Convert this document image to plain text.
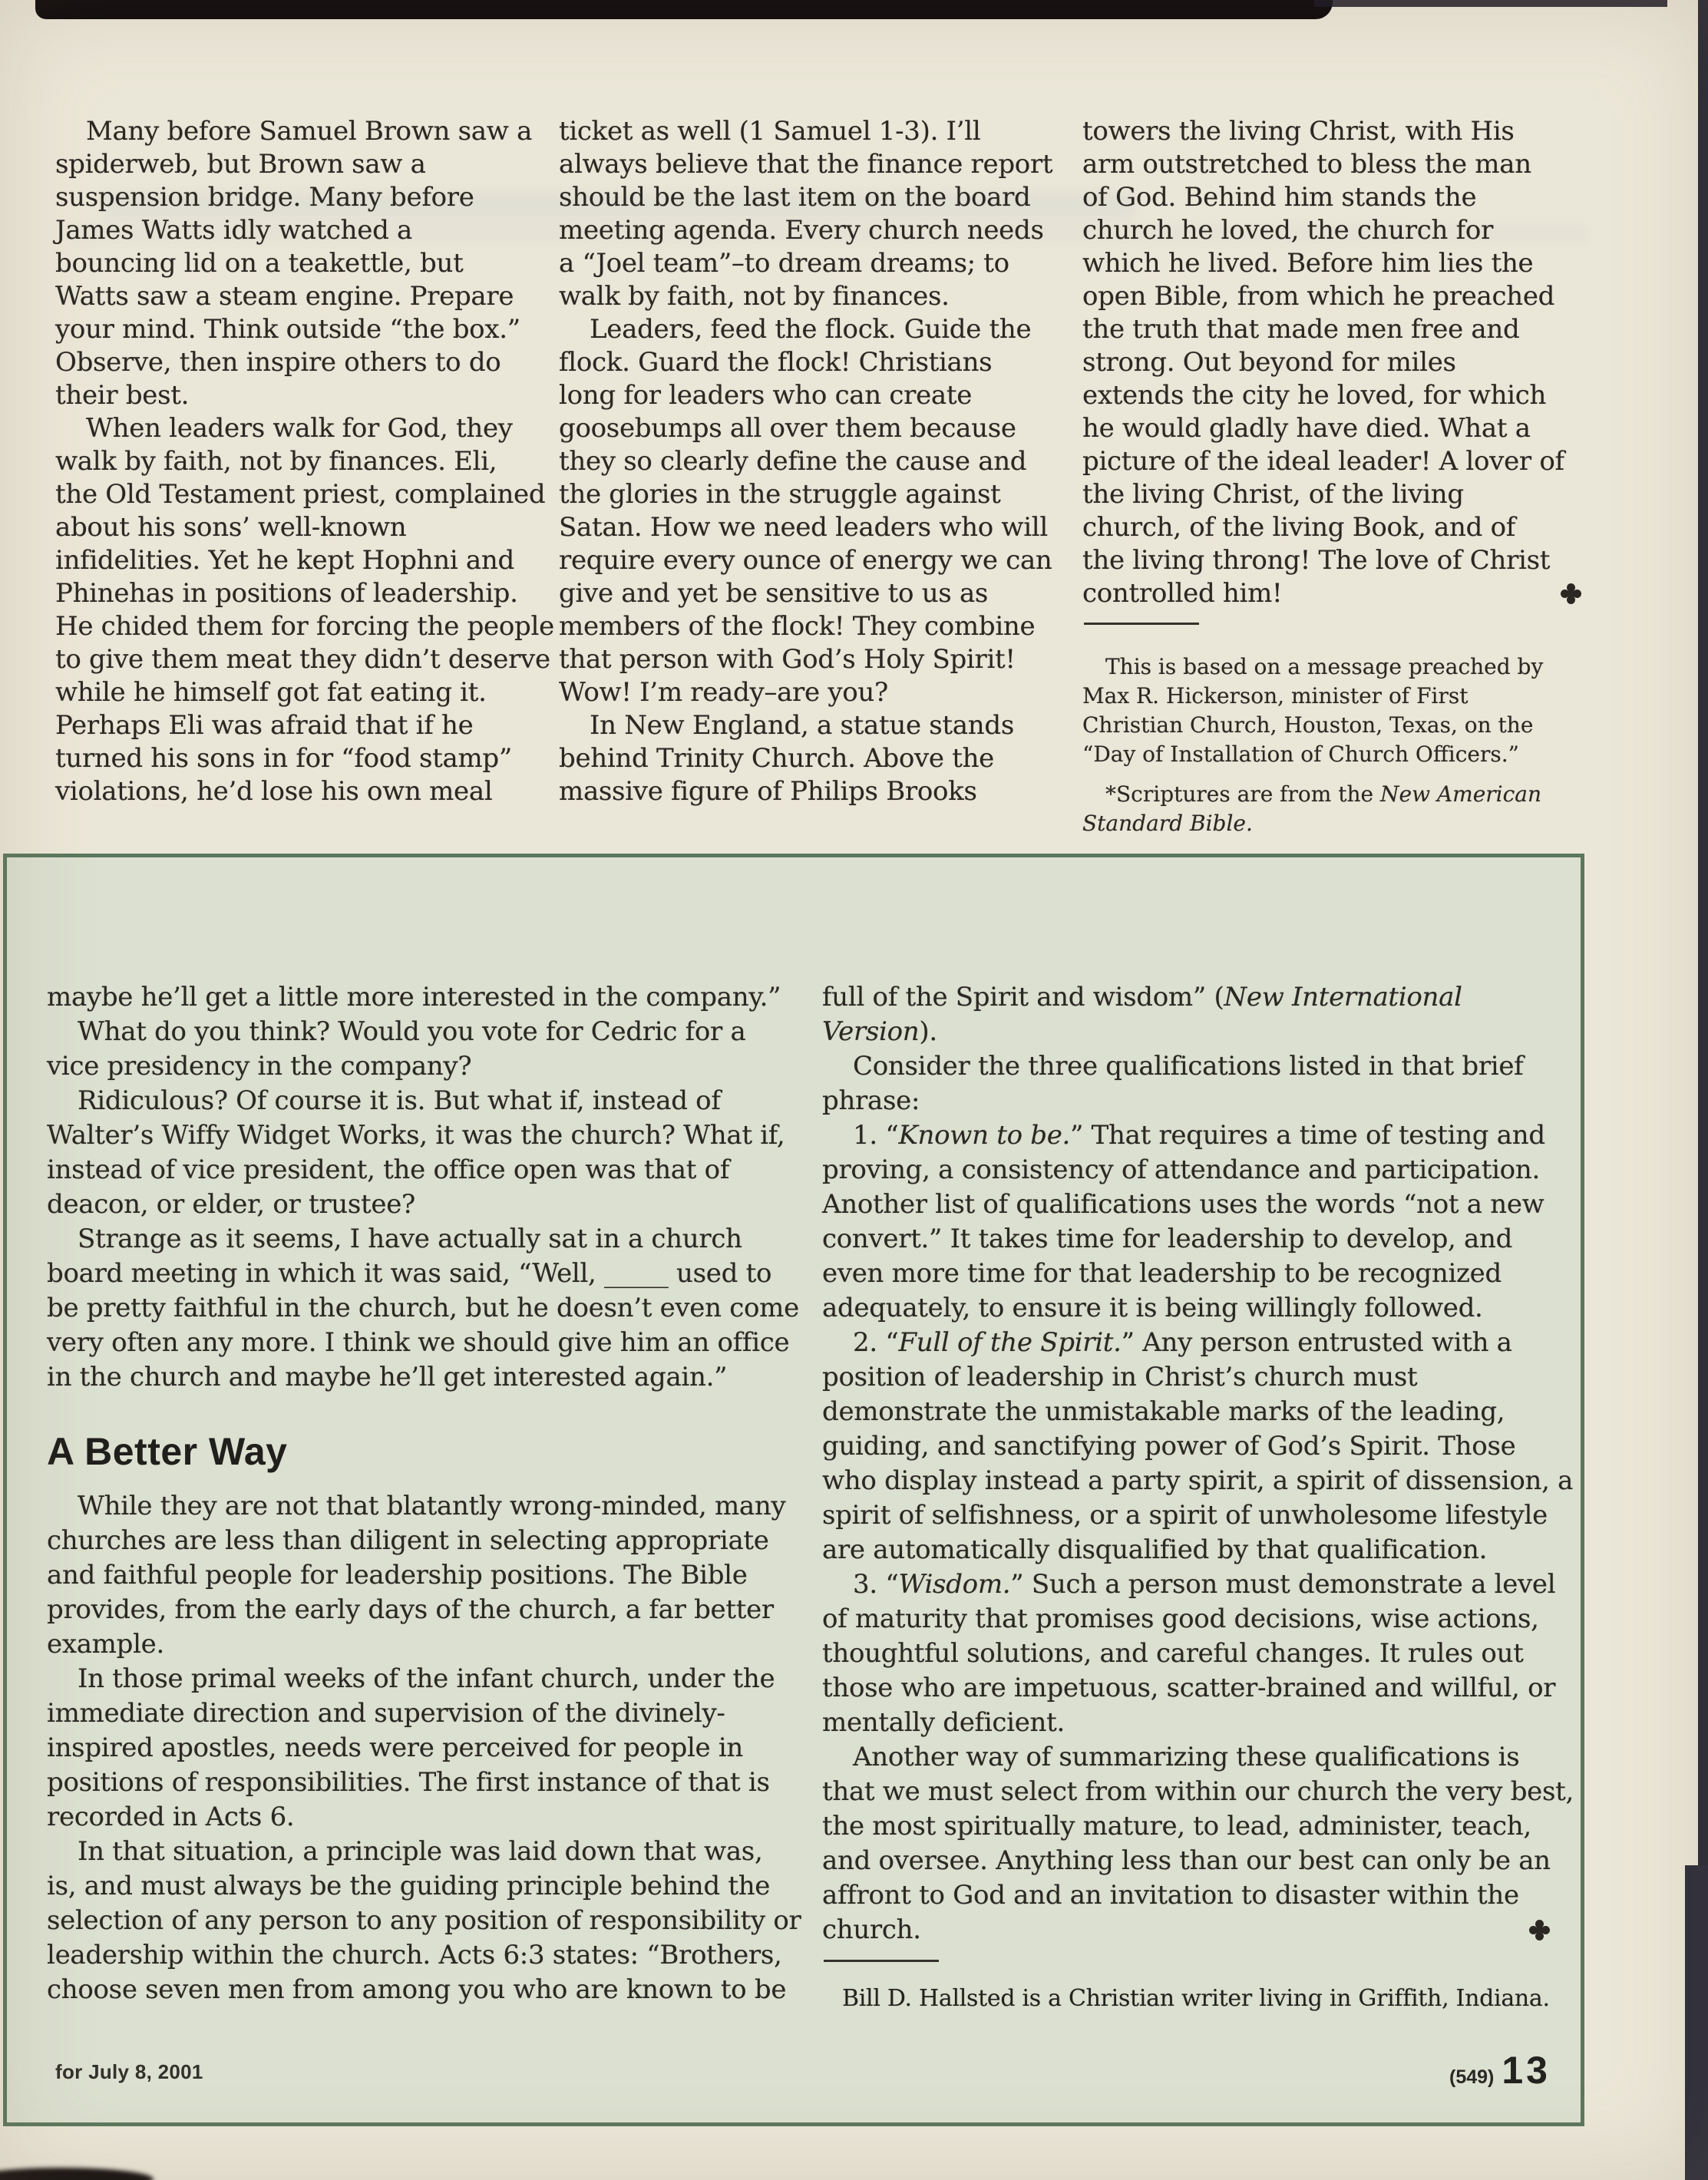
Many before Samuel Brown saw a
spiderweb, but Brown saw a
suspension bridge. Many before
James Watts idly watched a
bouncing lid on a teakettle, but
Watts saw a steam engine. Prepare
your mind. Think outside “the box.”
Observe, then inspire others to do
their best.
When leaders walk for God, they
walk by faith, not by finances. Eli,
the Old Testament priest, complained
about his sons’ well-known
infidelities. Yet he kept Hophni and
Phinehas in positions of leadership.
He chided them for forcing the people
to give them meat they didn’t deserve
while he himself got fat eating it.
Perhaps Eli was afraid that if he
turned his sons in for “food stamp”
violations, he’d lose his own meal
ticket as well (1 Samuel 1-3). I’ll
always believe that the finance report
should be the last item on the board
meeting agenda. Every church needs
a “Joel team”–to dream dreams; to
walk by faith, not by finances.
Leaders, feed the flock. Guide the
flock. Guard the flock! Christians
long for leaders who can create
goosebumps all over them because
they so clearly define the cause and
the glories in the struggle against
Satan. How we need leaders who will
require every ounce of energy we can
give and yet be sensitive to us as
members of the flock! They combine
that person with God’s Holy Spirit!
Wow! I’m ready–are you?
In New England, a statue stands
behind Trinity Church. Above the
massive figure of Philips Brooks
towers the living Christ, with His
arm outstretched to bless the man
of God. Behind him stands the
church he loved, the church for
which he lived. Before him lies the
open Bible, from which he preached
the truth that made men free and
strong. Out beyond for miles
extends the city he loved, for which
he would gladly have died. What a
picture of the ideal leader! A lover of
the living Christ, of the living
church, of the living Book, and of
the living throng! The love of Christ
controlled him!
This is based on a message preached by
Max R. Hickerson, minister of First
Christian Church, Houston, Texas, on the
“Day of Installation of Church Officers.”
*Scriptures are from the New American
Standard Bible.
maybe he’ll get a little more interested in the company.”
What do you think? Would you vote for Cedric for a
vice presidency in the company?
Ridiculous? Of course it is. But what if, instead of
Walter’s Wiffy Widget Works, it was the church? What if,
instead of vice president, the office open was that of
deacon, or elder, or trustee?
Strange as it seems, I have actually sat in a church
board meeting in which it was said, “Well, _____ used to
be pretty faithful in the church, but he doesn’t even come
very often any more. I think we should give him an office
in the church and maybe he’ll get interested again.”
A Better Way
While they are not that blatantly wrong-minded, many
churches are less than diligent in selecting appropriate
and faithful people for leadership positions. The Bible
provides, from the early days of the church, a far better
example.
In those primal weeks of the infant church, under the
immediate direction and supervision of the divinely-
inspired apostles, needs were perceived for people in
positions of responsibilities. The first instance of that is
recorded in Acts 6.
In that situation, a principle was laid down that was,
is, and must always be the guiding principle behind the
selection of any person to any position of responsibility or
leadership within the church. Acts 6:3 states: “Brothers,
choose seven men from among you who are known to be
full of the Spirit and wisdom” (New International
Version).
Consider the three qualifications listed in that brief
phrase:
1. “Known to be.” That requires a time of testing and
proving, a consistency of attendance and participation.
Another list of qualifications uses the words “not a new
convert.” It takes time for leadership to develop, and
even more time for that leadership to be recognized
adequately, to ensure it is being willingly followed.
2. “Full of the Spirit.” Any person entrusted with a
position of leadership in Christ’s church must
demonstrate the unmistakable marks of the leading,
guiding, and sanctifying power of God’s Spirit. Those
who display instead a party spirit, a spirit of dissension, a
spirit of selfishness, or a spirit of unwholesome lifestyle
are automatically disqualified by that qualification.
3. “Wisdom.” Such a person must demonstrate a level
of maturity that promises good decisions, wise actions,
thoughtful solutions, and careful changes. It rules out
those who are impetuous, scatter-brained and willful, or
mentally deficient.
Another way of summarizing these qualifications is
that we must select from within our church the very best,
the most spiritually mature, to lead, administer, teach,
and oversee. Anything less than our best can only be an
affront to God and an invitation to disaster within the
church.
Bill D. Hallsted is a Christian writer living in Griffith, Indiana.
for July 8, 2001	(549) 13
